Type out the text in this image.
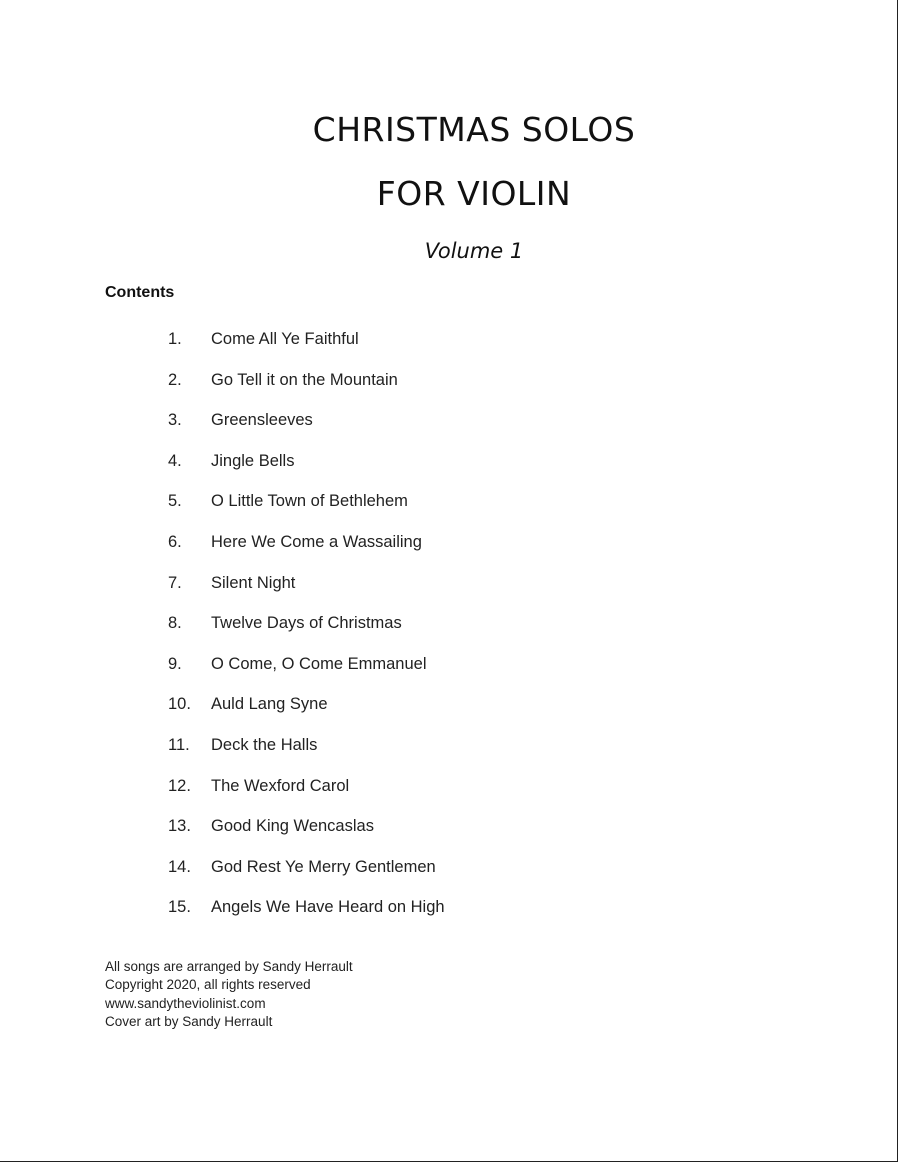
CHRISTMAS SOLOS
FOR VIOLIN
Volume 1
Contents
1. Come All Ye Faithful
2. Go Tell it on the Mountain
3. Greensleeves
4. Jingle Bells
5. O Little Town of Bethlehem
6. Here We Come a Wassailing
7. Silent Night
8. Twelve Days of Christmas
9. O Come, O Come Emmanuel
10. Auld Lang Syne
11. Deck the Halls
12. The Wexford Carol
13. Good King Wencaslas
14. God Rest Ye Merry Gentlemen
15. Angels We Have Heard on High
All songs are arranged by Sandy Herrault
Copyright 2020, all rights reserved
www.sandytheviolinist.com
Cover art by Sandy Herrault
